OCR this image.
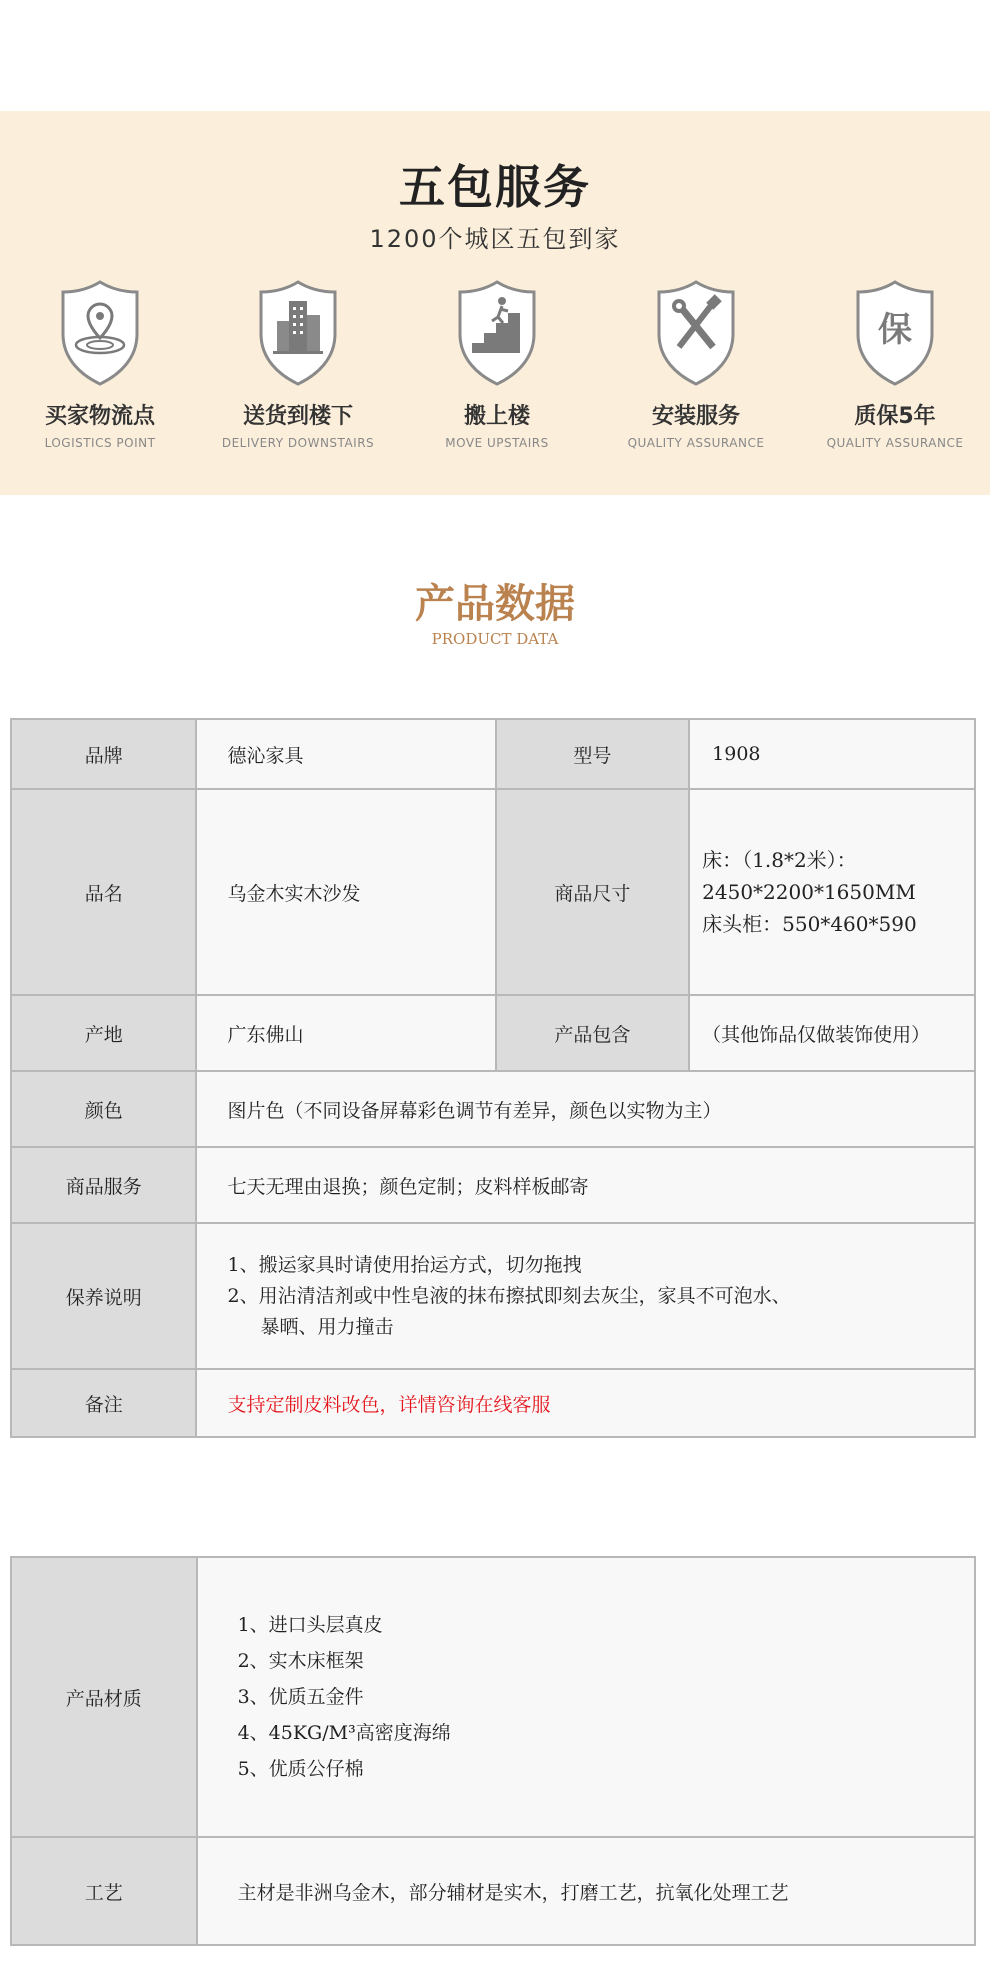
五包服务
1200个城区五包到家
买家物流点
LOGISTICS POINT
送货到楼下
DELIVERY DOWNSTAIRS
搬上楼
MOVE UPSTAIRS
安装服务
QUALITY ASSURANCE
保
质保5年
QUALITY ASSURANCE
产品数据
PRODUCT DATA
品牌	德沁家具	型号	1908
品名	乌金木实木沙发	商品尺寸	床：（1.8*2米）：
2450*2200*1650MM
床头柜：550*460*590

产地	广东佛山	产品包含	（其他饰品仅做装饰使用）
颜色	图片色（不同设备屏幕彩色调节有差异，颜色以实物为主）		
商品服务	七天无理由退换；颜色定制；皮料样板邮寄		
保养说明	1、搬运家具时请使用抬运方式，切勿拖拽
2、用沾清洁剂或中性皂液的抹布擦拭即刻去灰尘，家具不可泡水、
暴晒、用力撞击		

备注	支持定制皮料改色，详情咨询在线客服		
产品材质	1、进口头层真皮
2、实木床框架
3、优质五金件
4、45KG/M³高密度海绵
5、优质公仔棉

工艺	主材是非洲乌金木，部分辅材是实木，打磨工艺，抗氧化处理工艺
